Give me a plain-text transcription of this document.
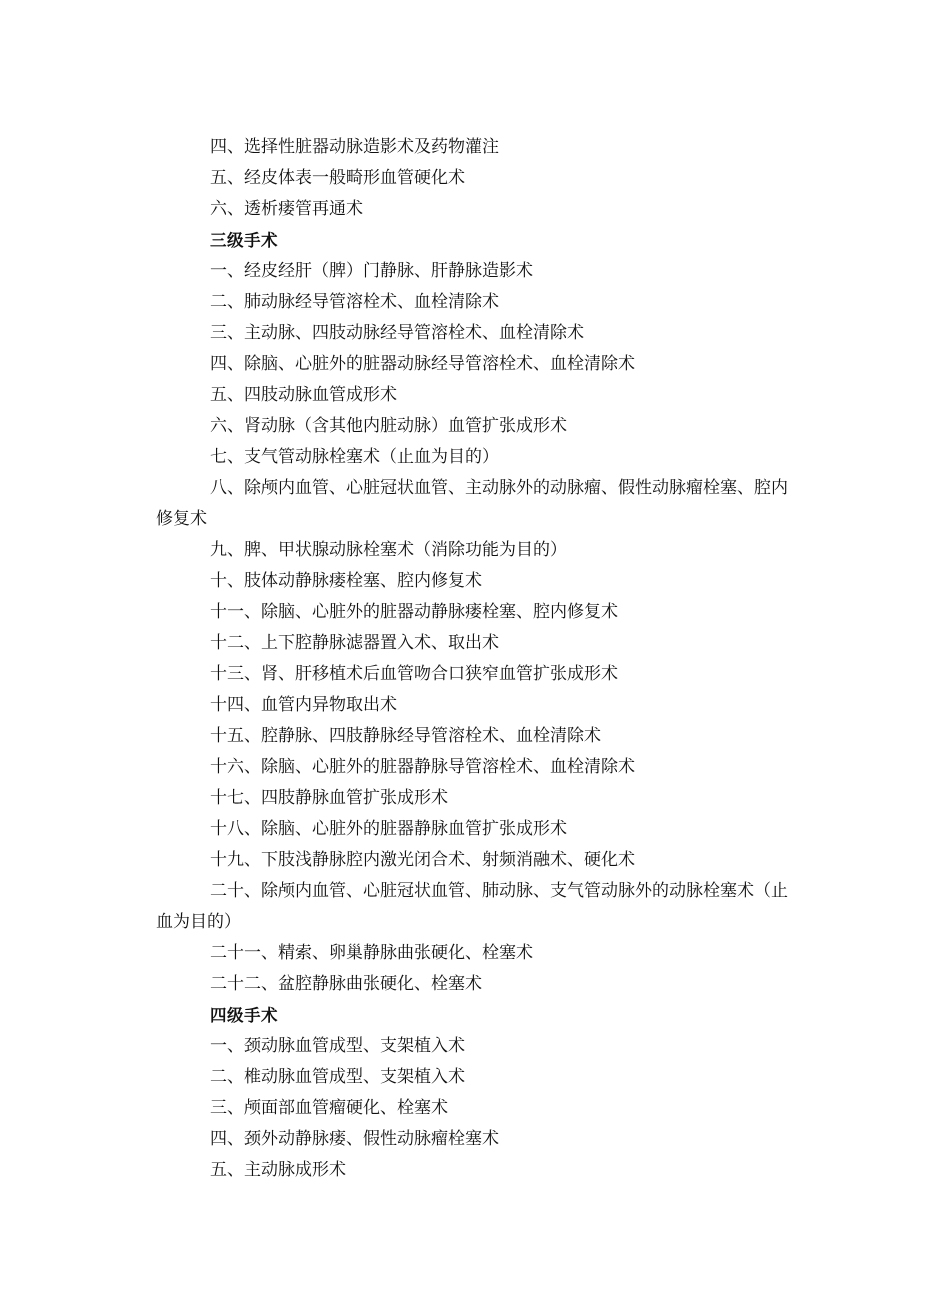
四、选择性脏器动脉造影术及药物灌注

五、经皮体表一般畸形血管硬化术

六、透析瘘管再通术

三级手术

一、经皮经肝（脾）门静脉、肝静脉造影术

二、肺动脉经导管溶栓术、血栓清除术

三、主动脉、四肢动脉经导管溶栓术、血栓清除术

四、除脑、心脏外的脏器动脉经导管溶栓术、血栓清除术

五、四肢动脉血管成形术

六、肾动脉（含其他内脏动脉）血管扩张成形术

七、支气管动脉栓塞术（止血为目的）

八、除颅内血管、心脏冠状血管、主动脉外的动脉瘤、假性动脉瘤栓塞、腔内修复术

九、脾、甲状腺动脉栓塞术（消除功能为目的）

十、肢体动静脉瘘栓塞、腔内修复术

十一、除脑、心脏外的脏器动静脉瘘栓塞、腔内修复术

十二、上下腔静脉滤器置入术、取出术

十三、肾、肝移植术后血管吻合口狭窄血管扩张成形术

十四、血管内异物取出术

十五、腔静脉、四肢静脉经导管溶栓术、血栓清除术

十六、除脑、心脏外的脏器静脉导管溶栓术、血栓清除术

十七、四肢静脉血管扩张成形术

十八、除脑、心脏外的脏器静脉血管扩张成形术

十九、下肢浅静脉腔内激光闭合术、射频消融术、硬化术

二十、除颅内血管、心脏冠状血管、肺动脉、支气管动脉外的动脉栓塞术（止血为目的）

二十一、精索、卵巢静脉曲张硬化、栓塞术

二十二、盆腔静脉曲张硬化、栓塞术

四级手术

一、颈动脉血管成型、支架植入术

二、椎动脉血管成型、支架植入术

三、颅面部血管瘤硬化、栓塞术

四、颈外动静脉瘘、假性动脉瘤栓塞术

五、主动脉成形术
